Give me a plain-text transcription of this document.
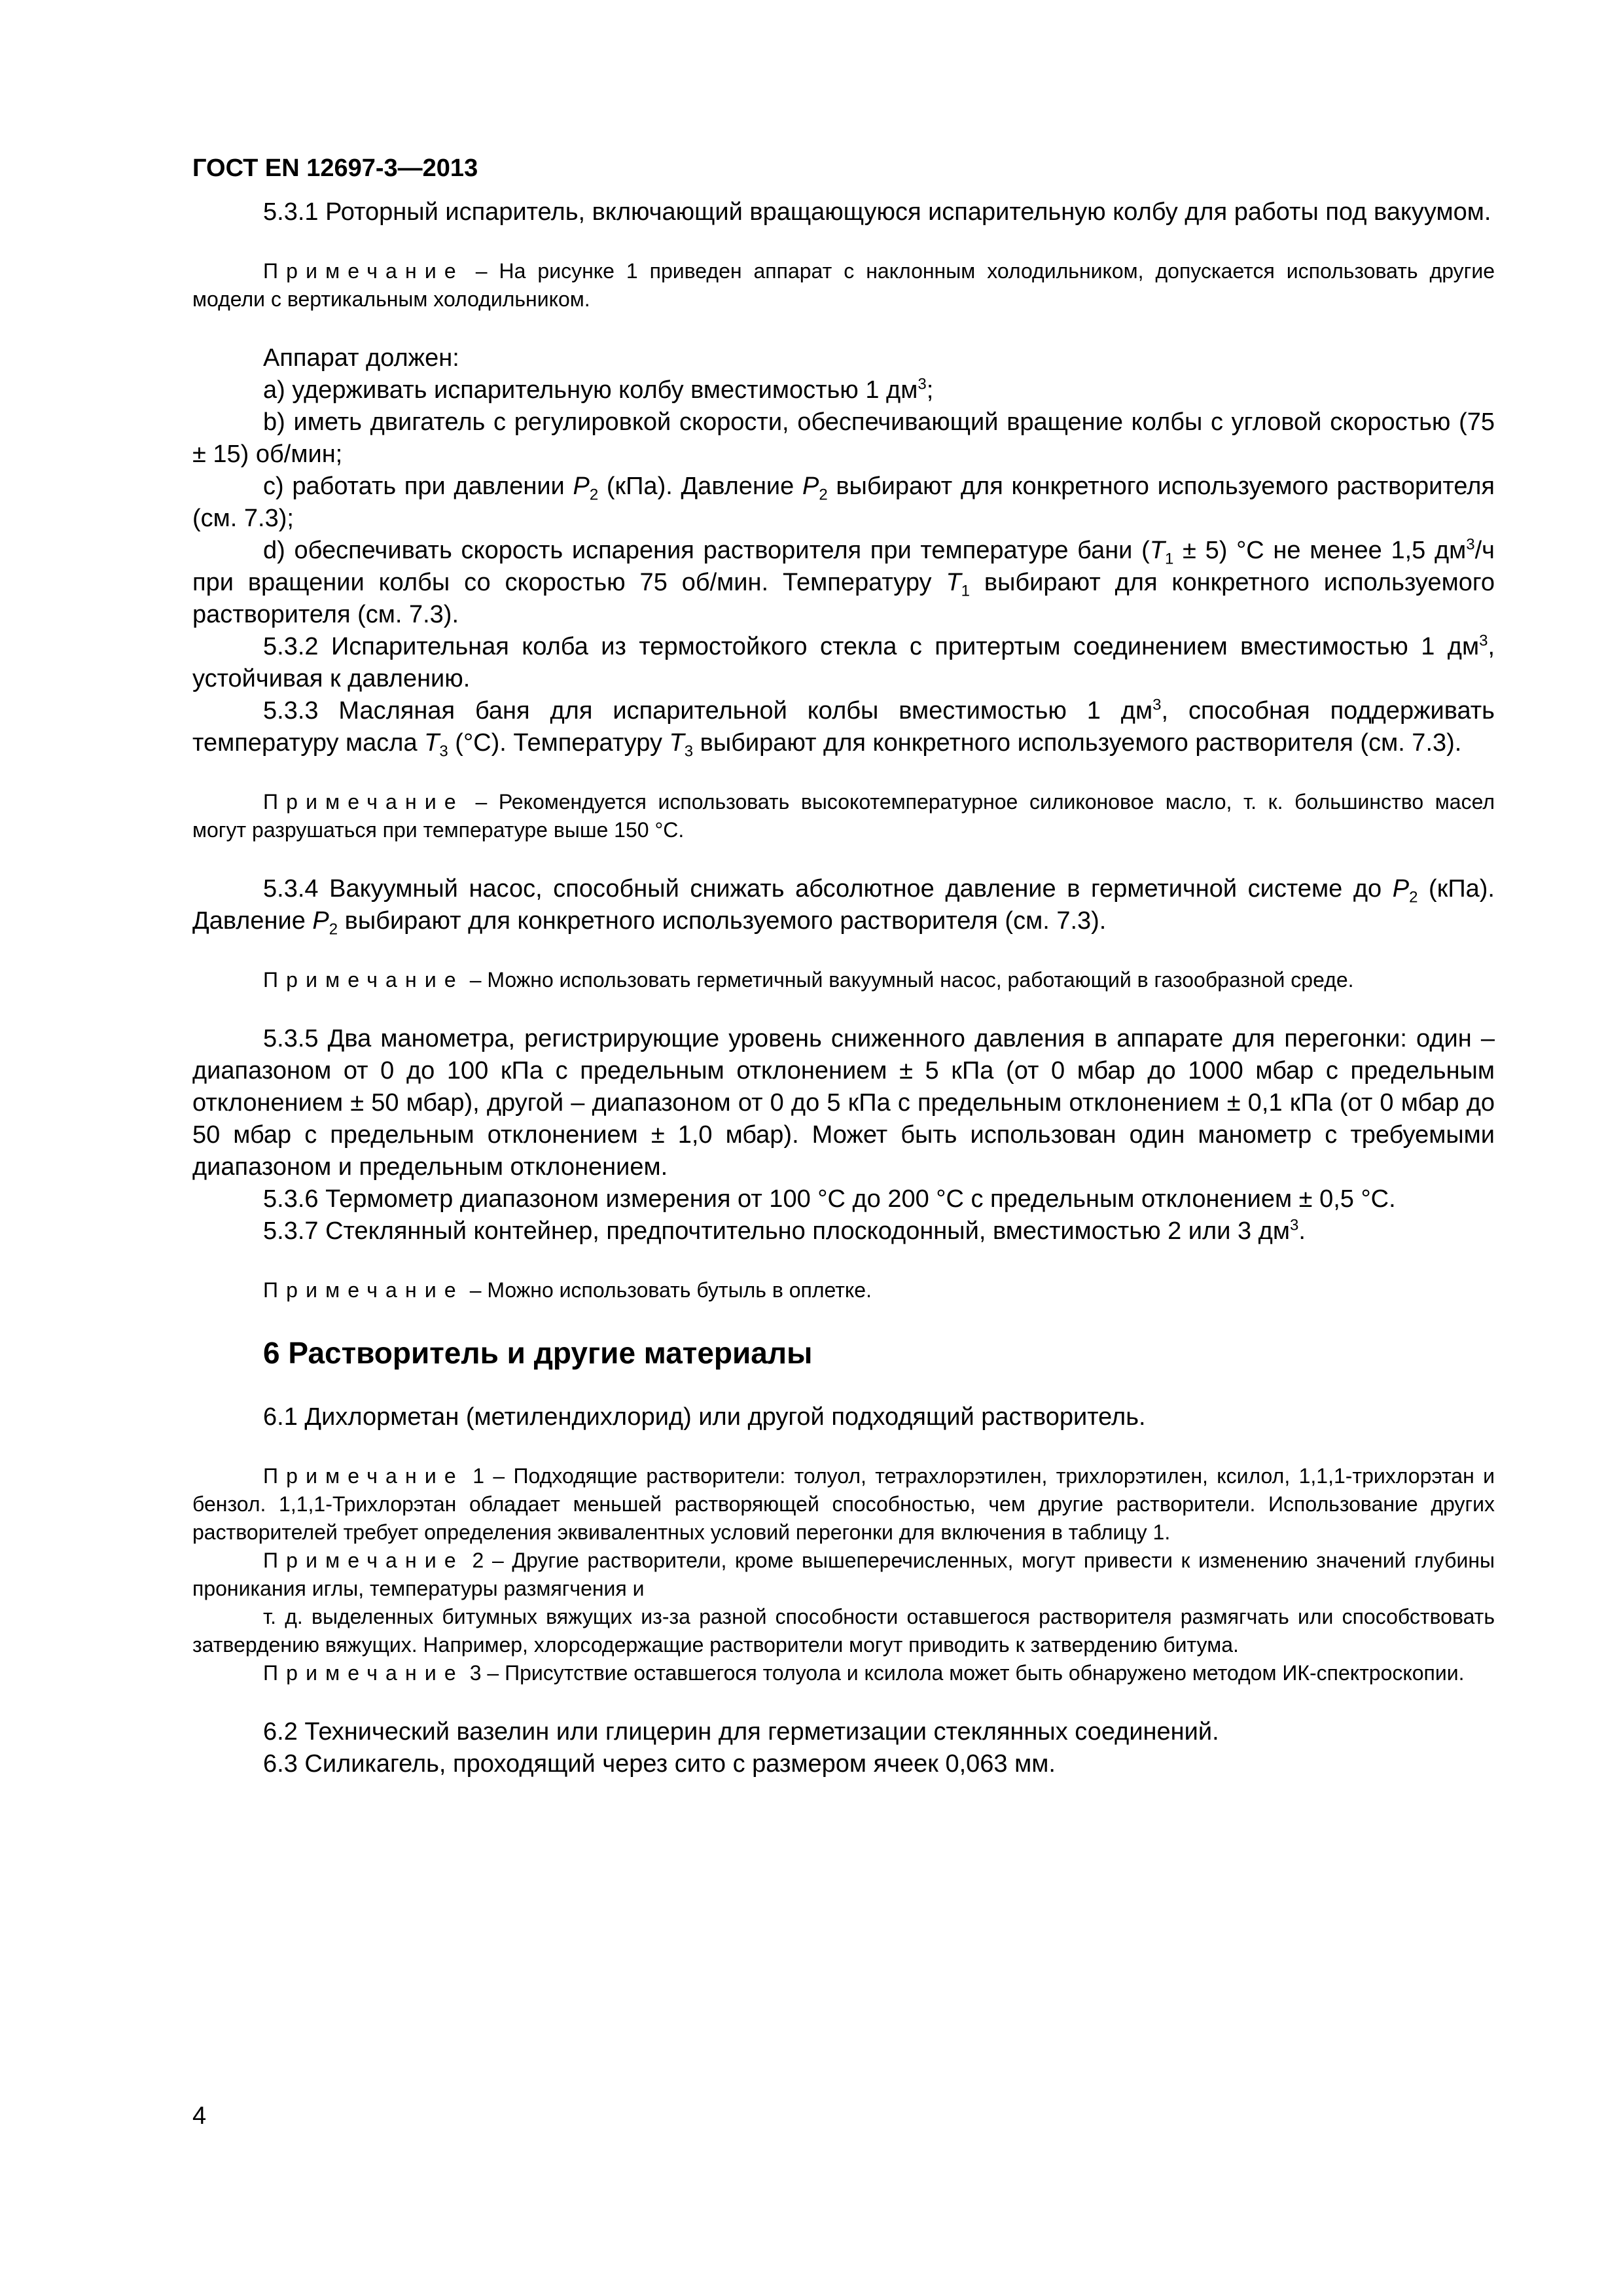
ГОСТ EN 12697-3—2013

5.3.1 Роторный испаритель, включающий вращающуюся испарительную колбу для работы под вакуумом.

Примечание – На рисунке 1 приведен аппарат с наклонным холодильником, допускается использовать другие модели с вертикальным холодильником.

Аппарат должен:

a) удерживать испарительную колбу вместимостью 1 $дм^3$;

b) иметь двигатель с регулировкой скорости, обеспечивающий вращение колбы с угловой скоростью (75 ± 15) об/мин;

c) работать при давлении $P_2$ (кПа). Давление $P_2$ выбирают для конкретного используемого растворителя (см. 7.3);

d) обеспечивать скорость испарения растворителя при температуре бани $(T_1 \pm 5)$ °С не менее 1,5 $дм^3/ч$ при вращении колбы со скоростью 75 об/мин. Температуру $T_1$ выбирают для конкретного используемого растворителя (см. 7.3).

5.3.2 Испарительная колба из термостойкого стекла с притертым соединением вместимостью 1 $дм^3$, устойчивая к давлению.

5.3.3 Масляная баня для испарительной колбы вместимостью 1 $дм^3$, способная поддерживать температуру масла $T_3$ (°С). Температуру $T_3$ выбирают для конкретного используемого растворителя (см. 7.3).

Примечание – Рекомендуется использовать высокотемпературное силиконовое масло, т. к. большинство масел могут разрушаться при температуре выше 150 °С.

5.3.4 Вакуумный насос, способный снижать абсолютное давление в герметичной системе до $P_2$ (кПа). Давление $P_2$ выбирают для конкретного используемого растворителя (см. 7.3).

Примечание – Можно использовать герметичный вакуумный насос, работающий в газообразной среде.

5.3.5 Два манометра, регистрирующие уровень сниженного давления в аппарате для перегонки: один – диапазоном от 0 до 100 кПа с предельным отклонением ± 5 кПа (от 0 мбар до 1000 мбар с предельным отклонением ± 50 мбар), другой – диапазоном от 0 до 5 кПа с предельным отклонением ± 0,1 кПа (от 0 мбар до 50 мбар с предельным отклонением ± 1,0 мбар). Может быть использован один манометр с требуемыми диапазоном и предельным отклонением.

5.3.6 Термометр диапазоном измерения от 100 °С до 200 °С с предельным отклонением ± 0,5 °С.

5.3.7 Стеклянный контейнер, предпочтительно плоскодонный, вместимостью 2 или 3 $дм^3$.

Примечание – Можно использовать бутыль в оплетке.

6 Растворитель и другие материалы

6.1 Дихлорметан (метилендихлорид) или другой подходящий растворитель.

Примечание 1 – Подходящие растворители: толуол, тетрахлорэтилен, трихлорэтилен, ксилол, 1,1,1-трихлорэтан и бензол. 1,1,1-Трихлорэтан обладает меньшей растворяющей способностью, чем другие растворители. Использование других растворителей требует определения эквивалентных условий перегонки для включения в таблицу 1.

Примечание 2 – Другие растворители, кроме вышеперечисленных, могут привести к изменению значений глубины проникания иглы, температуры размягчения и

т. д. выделенных битумных вяжущих из-за разной способности оставшегося растворителя размягчать или способствовать затвердению вяжущих. Например, хлорсодержащие растворители могут приводить к затвердению битума.

Примечание 3 – Присутствие оставшегося толуола и ксилола может быть обнаружено методом ИК-спектроскопии.

6.2 Технический вазелин или глицерин для герметизации стеклянных соединений.

6.3 Силикагель, проходящий через сито с размером ячеек 0,063 мм.

4
